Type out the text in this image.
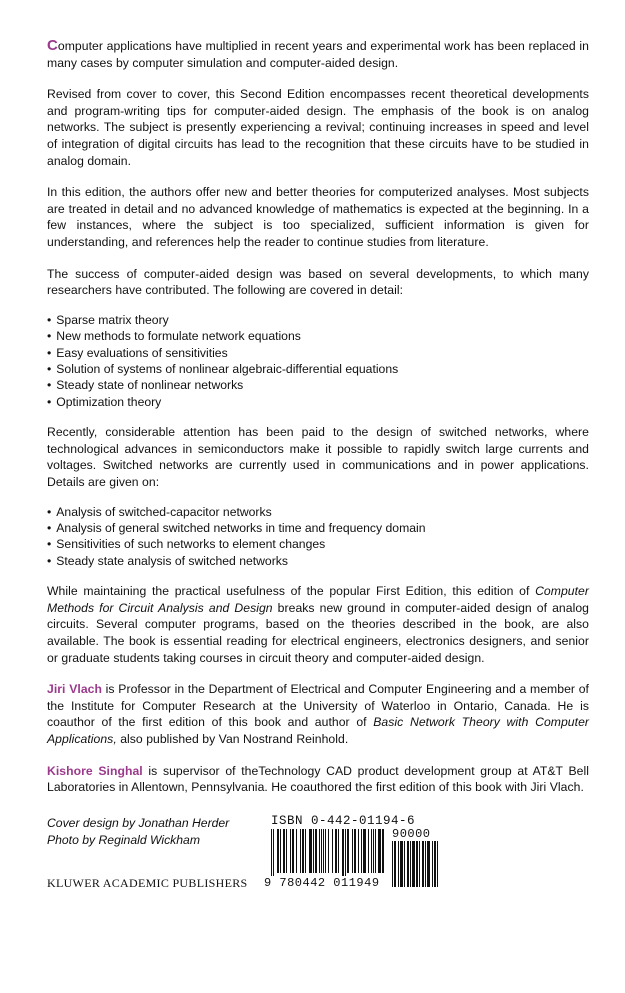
Computer applications have multiplied in recent years and experimental work has been replaced in many cases by computer simulation and computer-aided design.

Revised from cover to cover, this Second Edition encompasses recent theoretical developments and program-writing tips for computer-aided design. The emphasis of the book is on analog networks. The subject is presently experiencing a revival; continuing increases in speed and level of integration of digital circuits has lead to the recognition that these circuits have to be studied in analog domain.

In this edition, the authors offer new and better theories for computerized analyses. Most subjects are treated in detail and no advanced knowledge of mathematics is expected at the beginning. In a few instances, where the subject is too specialized, sufficient information is given for understanding, and references help the reader to continue studies from literature.

The success of computer-aided design was based on several developments, to which many researchers have contributed. The following are covered in detail:

• Sparse matrix theory
• New methods to formulate network equations
• Easy evaluations of sensitivities
• Solution of systems of nonlinear algebraic-differential equations
• Steady state of nonlinear networks
• Optimization theory

Recently, considerable attention has been paid to the design of switched networks, where technological advances in semiconductors make it possible to rapidly switch large currents and voltages. Switched networks are currently used in communications and in power applications. Details are given on:

• Analysis of switched-capacitor networks
• Analysis of general switched networks in time and frequency domain
• Sensitivities of such networks to element changes
• Steady state analysis of switched networks

While maintaining the practical usefulness of the popular First Edition, this edition of Computer Methods for Circuit Analysis and Design breaks new ground in computer-aided design of analog circuits. Several computer programs, based on the theories described in the book, are also available. The book is essential reading for electrical engineers, electronics designers, and senior or graduate students taking courses in circuit theory and computer-aided design.

Jiri Vlach is Professor in the Department of Electrical and Computer Engineering and a member of the Institute for Computer Research at the University of Waterloo in Ontario, Canada. He is coauthor of the first edition of this book and author of Basic Network Theory with Computer Applications, also published by Van Nostrand Reinhold.

Kishore Singhal is supervisor of theTechnology CAD product development group at AT&T Bell Laboratories in Allentown, Pennsylvania. He coauthored the first edition of this book with Jiri Vlach.

Cover design by Jonathan Herder
Photo by Reginald Wickham
KLUWER ACADEMIC PUBLISHERS
ISBN 0-442-01194-6
9 780442 011949
90000
